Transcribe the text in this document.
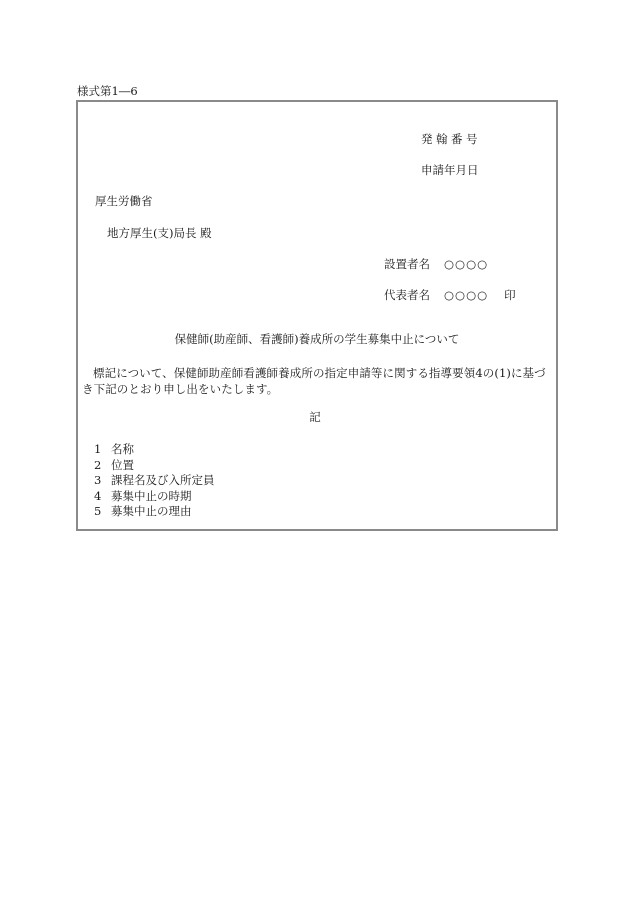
様式第1―6
発翰番号
申請年月日
厚生労働省
地方厚生(支)局長 殿
設置者名 ○○○○
代表者名 ○○○○ 印
保健師(助産師、看護師)養成所の学生募集中止について
標記について、保健師助産師看護師養成所の指定申請等に関する指導要領4の(1)に基づき下記のとおり申し出をいたします。
記
1 名称
2 位置
3 課程名及び入所定員
4 募集中止の時期
5 募集中止の理由
